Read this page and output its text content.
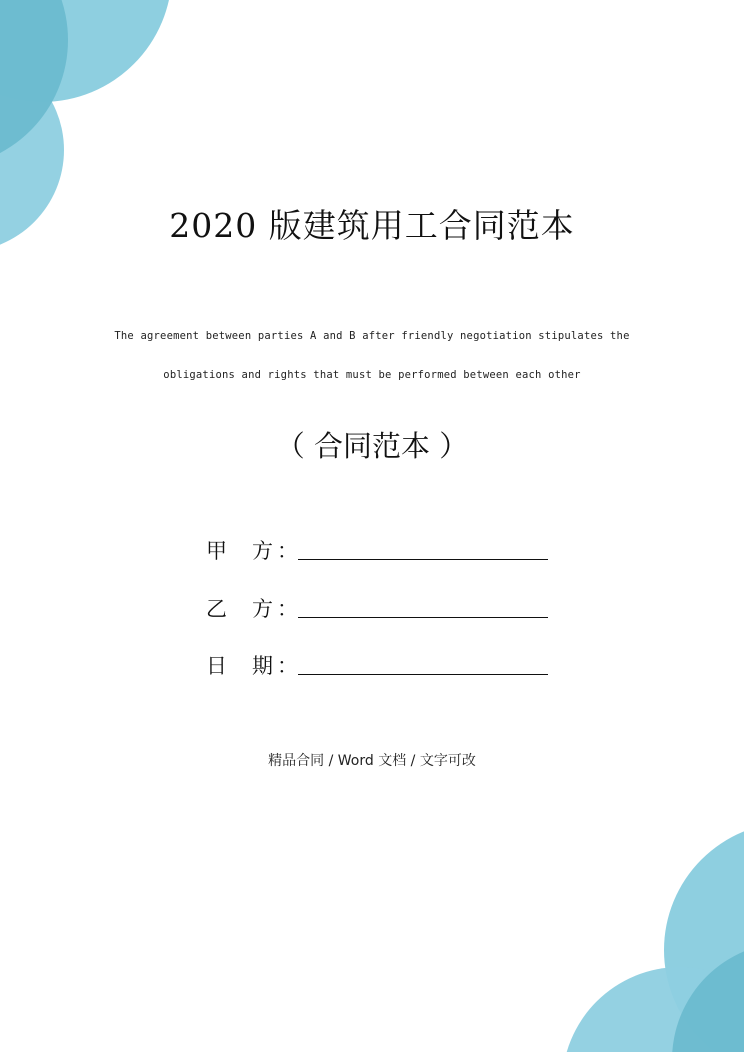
2020 版建筑用工合同范本
The agreement between parties A and B after friendly negotiation stipulates the
obligations and rights that must be performed between each other
（ 合同范本 ）
甲 方 ：
乙 方 ：
日 期 ：
精品合同 / Word 文档 / 文字可改
